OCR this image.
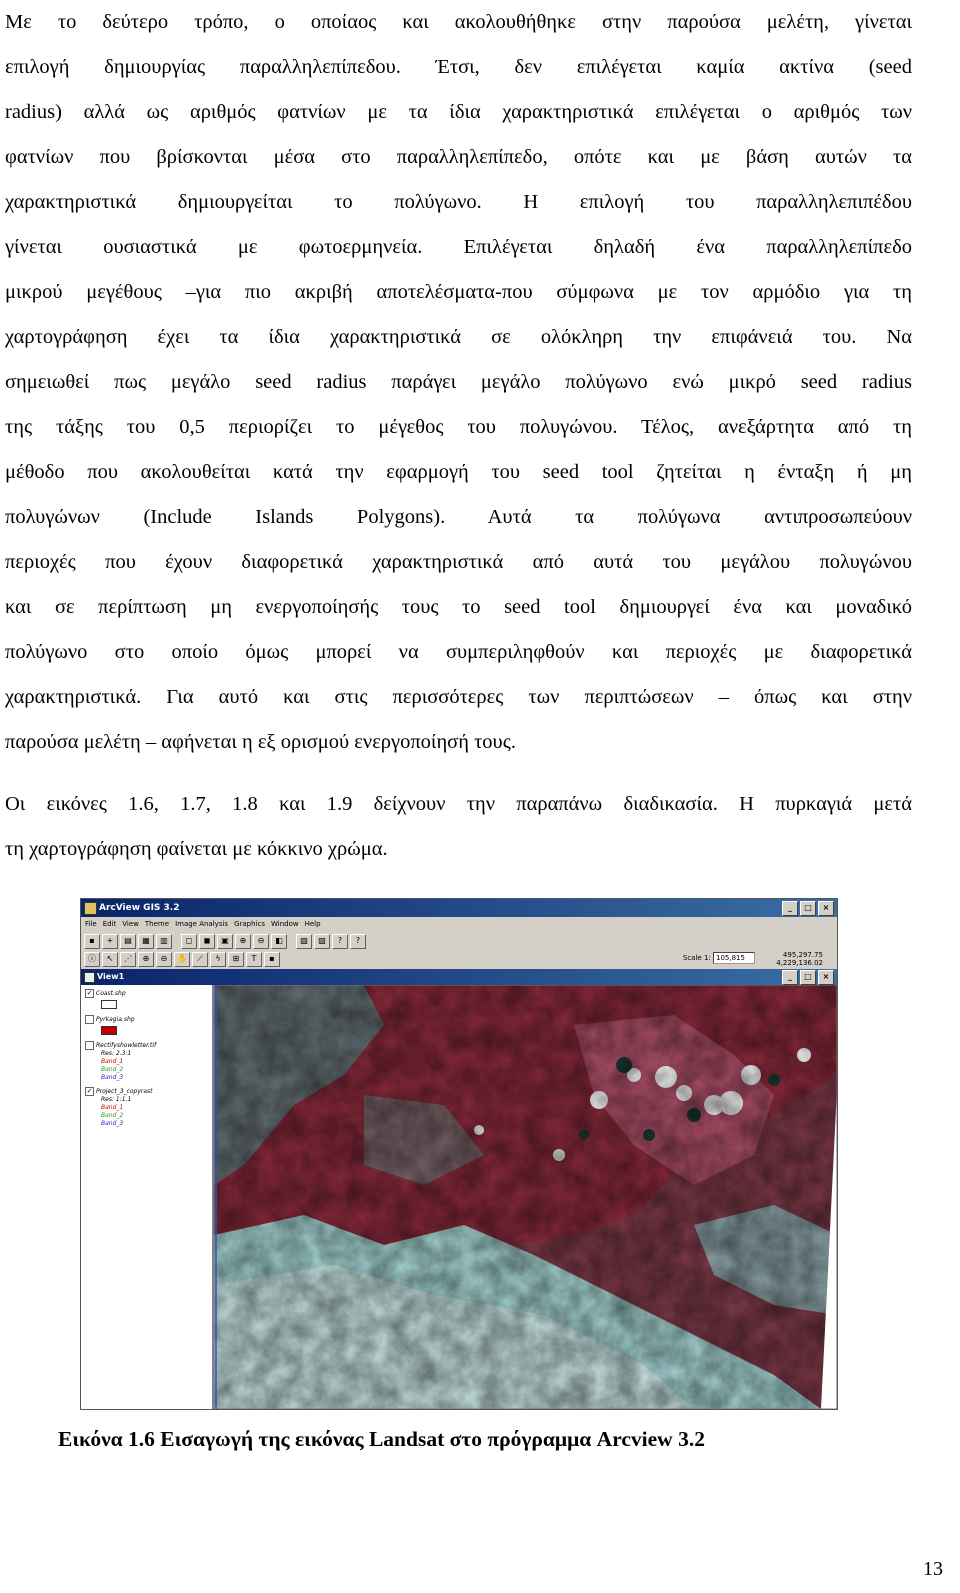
Με το δεύτερο τρόπο, ο οποίαος και ακολουθήθηκε στην παρούσα μελέτη, γίνεται
επιλογή δημιουργίας παραλληλεπίπεδου. Έτσι, δεν επιλέγεται καμία ακτίνα (seed
radius) αλλά ως αριθμός φατνίων με τα ίδια χαρακτηριστικά επιλέγεται ο αριθμός των
φατνίων που βρίσκονται μέσα στο παραλληλεπίπεδο, οπότε και με βάση αυτών τα
χαρακτηριστικά δημιουργείται το πολύγωνο. Η επιλογή του παραλληλεπιπέδου
γίνεται ουσιαστικά με φωτοερμηνεία. Επιλέγεται δηλαδή ένα παραλληλεπίπεδο
μικρού μεγέθους –για πιο ακριβή αποτελέσματα-που σύμφωνα με τον αρμόδιο για τη
χαρτογράφηση έχει τα ίδια χαρακτηριστικά σε ολόκληρη την επιφάνειά του. Να
σημειωθεί πως μεγάλο seed radius παράγει μεγάλο πολύγωνο ενώ μικρό seed radius
της τάξης του 0,5 περιορίζει το μέγεθος του πολυγώνου. Τέλος, ανεξάρτητα από τη
μέθοδο που ακολουθείται κατά την εφαρμογή του seed tool ζητείται η ένταξη ή μη
πολυγώνων (Include Islands Polygons). Αυτά τα πολύγωνα αντιπροσωπεύουν
περιοχές που έχουν διαφορετικά χαρακτηριστικά από αυτά του μεγάλου πολυγώνου
και σε περίπτωση μη ενεργοποίησής τους το seed tool δημιουργεί ένα και μοναδικό
πολύγωνο στο οποίο όμως μπορεί να συμπεριληφθούν και περιοχές με διαφορετικά
χαρακτηριστικά. Για αυτό και στις περισσότερες των περιπτώσεων – όπως και στην
παρούσα μελέτη – αφήνεται η εξ ορισμού ενεργοποίησή τους.
Οι εικόνες 1.6, 1.7, 1.8 και 1.9 δείχνουν την παραπάνω διαδικασία. Η πυρκαγιά μετά
τη χαρτογράφηση φαίνεται με κόκκινο χρώμα.
ArcView GIS 3.2	_	□	×
File Edit View Theme Image Analysis Graphics Window Help
▪	+	▤	▦	▥	◻	◼	▣	⊕	⊖	◧	▧	▨	?	?
ⓘ	↖	⋰	⊕	⊖	✋	⟋	ϟ	⊞	T	▪	Scale 1: 105,815	495,297.75
4,229,136.02
View1	_	□	×
✓ Coast.shp
Pyrkagia.shp
Rectifyshowletter.tif
Res: 2.3:1
Band_1
Band_2
Band_3
✓ Project_3_copyrast
Res: 1:1.1
Band_1
Band_2
Band_3
Εικόνα 1.6 Εισαγωγή της εικόνας Landsat στο πρόγραμμα Arcview 3.2
13
